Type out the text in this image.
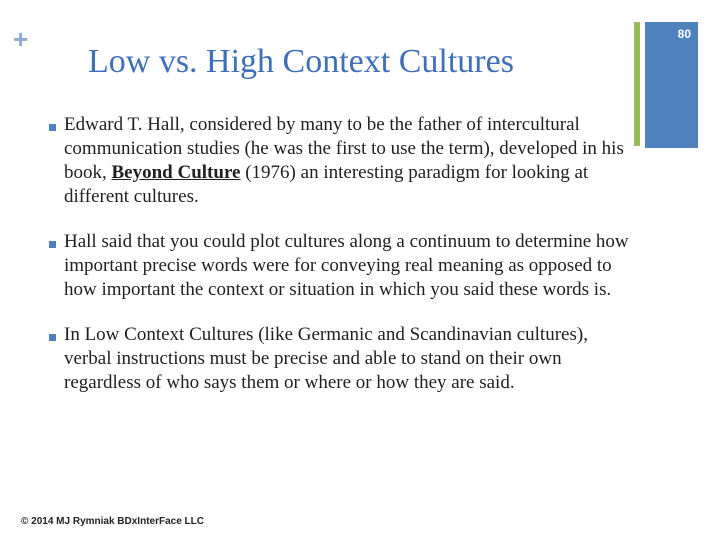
+	80
Low vs. High Context Cultures
Edward T. Hall, considered by many to be the father of intercultural communication studies (he was the first to use the term), developed in his book, Beyond Culture (1976) an interesting paradigm for looking at different cultures.
Hall said that you could plot cultures along a continuum to determine how important precise words were for conveying real meaning as opposed to how important the context or situation in which you said these words is.
In Low Context Cultures (like Germanic and Scandinavian cultures), verbal instructions must be precise and able to stand on their own regardless of who says them or where or how they are said.
© 2014 MJ Rymniak BDxInterFace LLC
